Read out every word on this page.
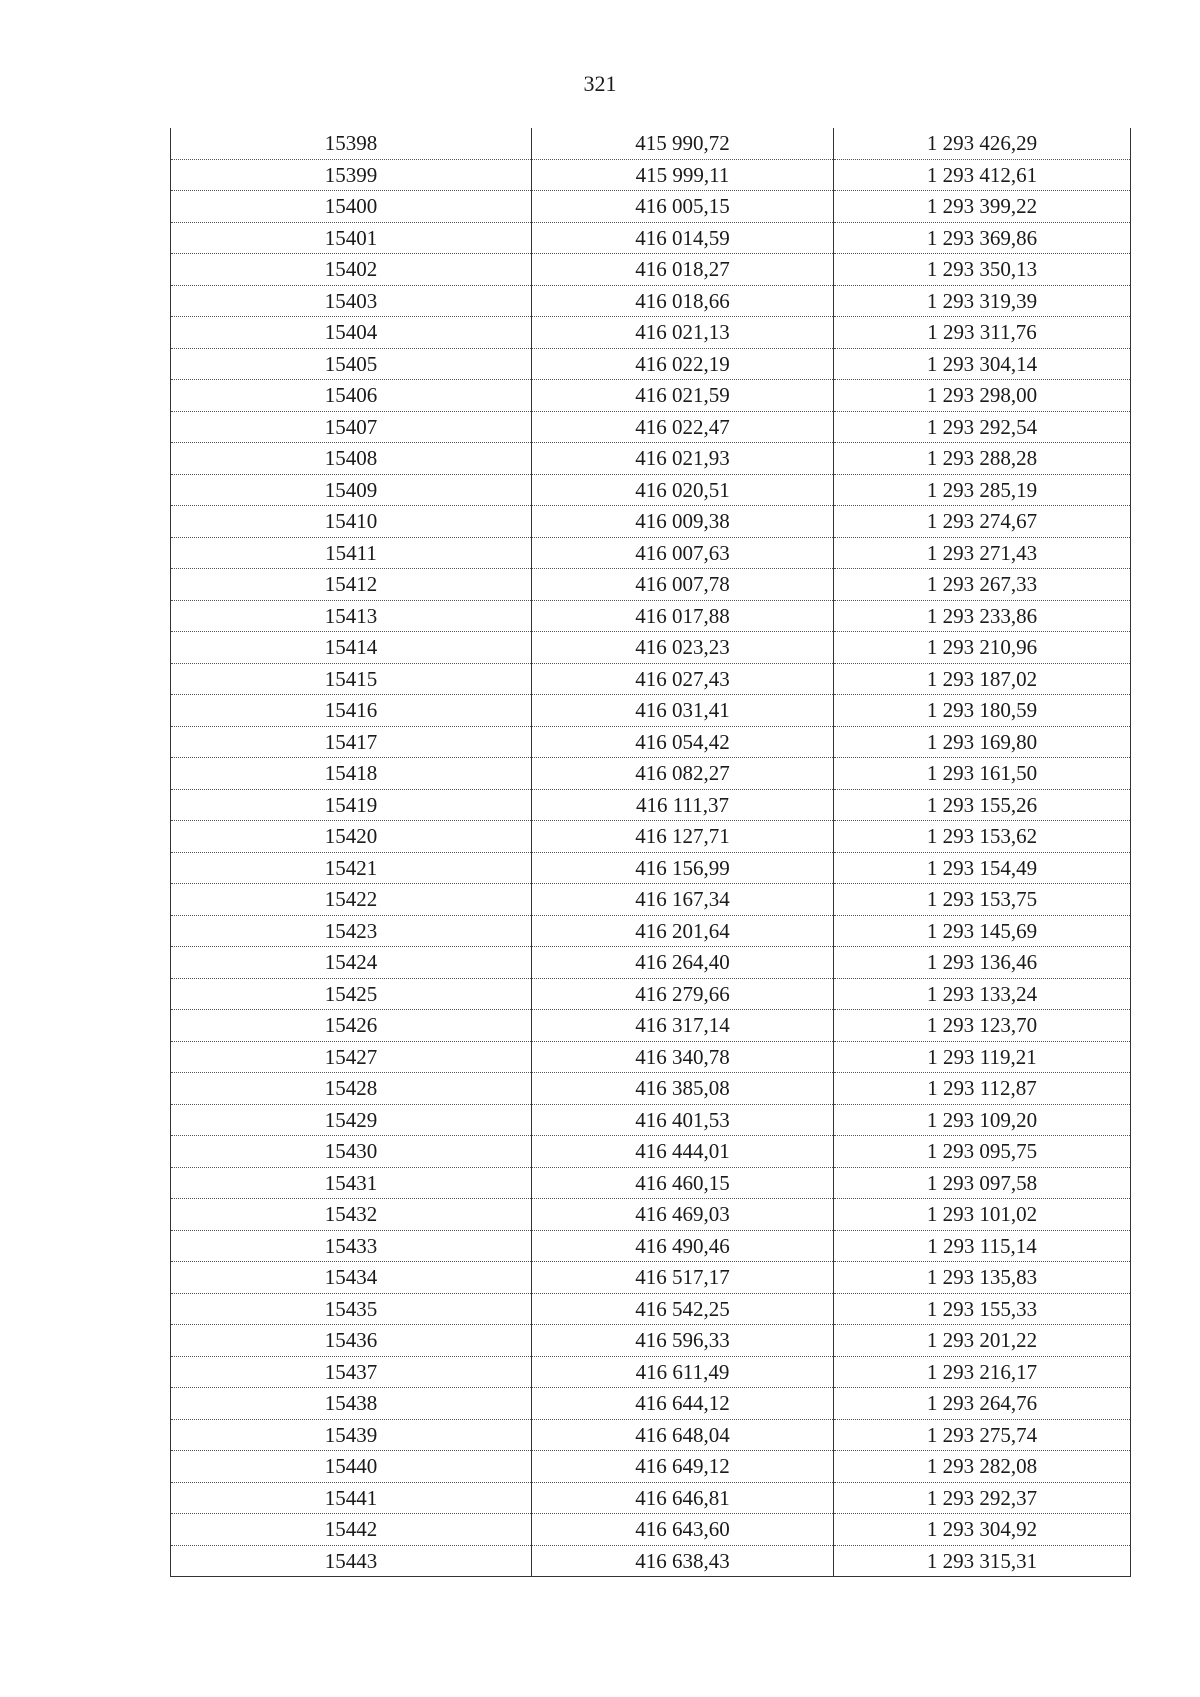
321
15398	415 990,72	1 293 426,29
15399	415 999,11	1 293 412,61
15400	416 005,15	1 293 399,22
15401	416 014,59	1 293 369,86
15402	416 018,27	1 293 350,13
15403	416 018,66	1 293 319,39
15404	416 021,13	1 293 311,76
15405	416 022,19	1 293 304,14
15406	416 021,59	1 293 298,00
15407	416 022,47	1 293 292,54
15408	416 021,93	1 293 288,28
15409	416 020,51	1 293 285,19
15410	416 009,38	1 293 274,67
15411	416 007,63	1 293 271,43
15412	416 007,78	1 293 267,33
15413	416 017,88	1 293 233,86
15414	416 023,23	1 293 210,96
15415	416 027,43	1 293 187,02
15416	416 031,41	1 293 180,59
15417	416 054,42	1 293 169,80
15418	416 082,27	1 293 161,50
15419	416 111,37	1 293 155,26
15420	416 127,71	1 293 153,62
15421	416 156,99	1 293 154,49
15422	416 167,34	1 293 153,75
15423	416 201,64	1 293 145,69
15424	416 264,40	1 293 136,46
15425	416 279,66	1 293 133,24
15426	416 317,14	1 293 123,70
15427	416 340,78	1 293 119,21
15428	416 385,08	1 293 112,87
15429	416 401,53	1 293 109,20
15430	416 444,01	1 293 095,75
15431	416 460,15	1 293 097,58
15432	416 469,03	1 293 101,02
15433	416 490,46	1 293 115,14
15434	416 517,17	1 293 135,83
15435	416 542,25	1 293 155,33
15436	416 596,33	1 293 201,22
15437	416 611,49	1 293 216,17
15438	416 644,12	1 293 264,76
15439	416 648,04	1 293 275,74
15440	416 649,12	1 293 282,08
15441	416 646,81	1 293 292,37
15442	416 643,60	1 293 304,92
15443	416 638,43	1 293 315,31
